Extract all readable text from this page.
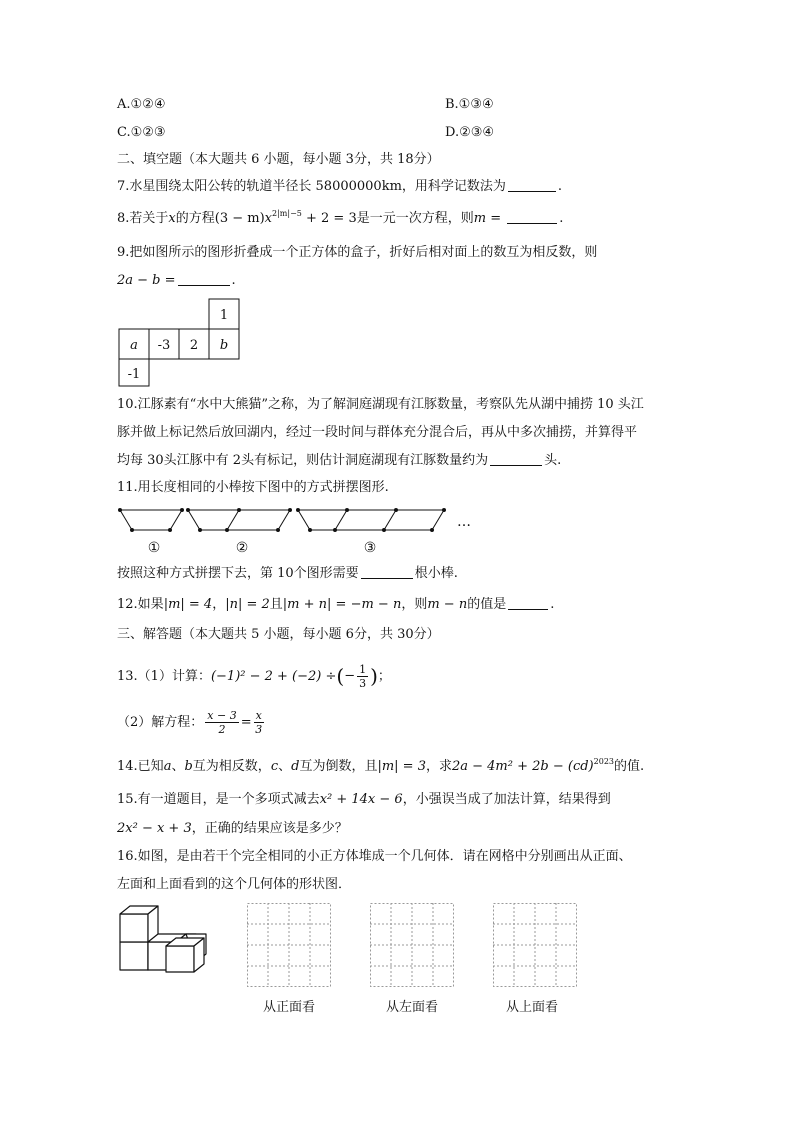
A.①②④	B.①③④
C.①②③	D.②③④
二、填空题（本大题共 6 小题，每小题 3分，共 18分）
7.水星围绕太阳公转的轨道半径长 58000000km，用科学记数法为	.
8.若关于x的方程$(3 - m)x^{2|m|-5} + 2 = 3$是一元一次方程，则m =	.
9.把如图所示的图形折叠成一个正方体的盒子，折好后相对面上的数互为相反数，则
2a − b =	.
1
a -3 2 b
-1
10.江豚素有“水中大熊猫”之称，为了解洞庭湖现有江豚数量，考察队先从湖中捕捞 10 头江
豚并做上标记然后放回湖内，经过一段时间与群体充分混合后，再从中多次捕捞，并算得平
均每 30头江豚中有 2头有标记，则估计洞庭湖现有江豚数量约为	头.
11.用长度相同的小棒按下图中的方式拼摆图形.
①	②	③
…
按照这种方式拼摆下去，第 10个图形需要	根小棒.
12.如果|m| = 4，|n| = 2且|m + n| = −m − n，则m − n的值是	.
三、解答题（本大题共 5 小题，每小题 6分，共 30分）
13.（1）计算：(−1)² − 2 + (−2) ÷(− $\frac{1}{3}$ )；
（2）解方程： $\frac{x - 3}{2} = \frac{x}{3}$
14.已知a、b互为相反数，c、d互为倒数，且|m| = 3，求2a − 4m² + 2b − (cd)$^{2023}$的值.
15.有一道题目，是一个多项式减去x² + 14x − 6，小强误当成了加法计算，结果得到
2x² − x + 3，正确的结果应该是多少？
16.如图，是由若干个完全相同的小正方体堆成一个几何体．请在网格中分别画出从正面、
左面和上面看到的这个几何体的形状图．
从正面看	从左面看	从上面看
